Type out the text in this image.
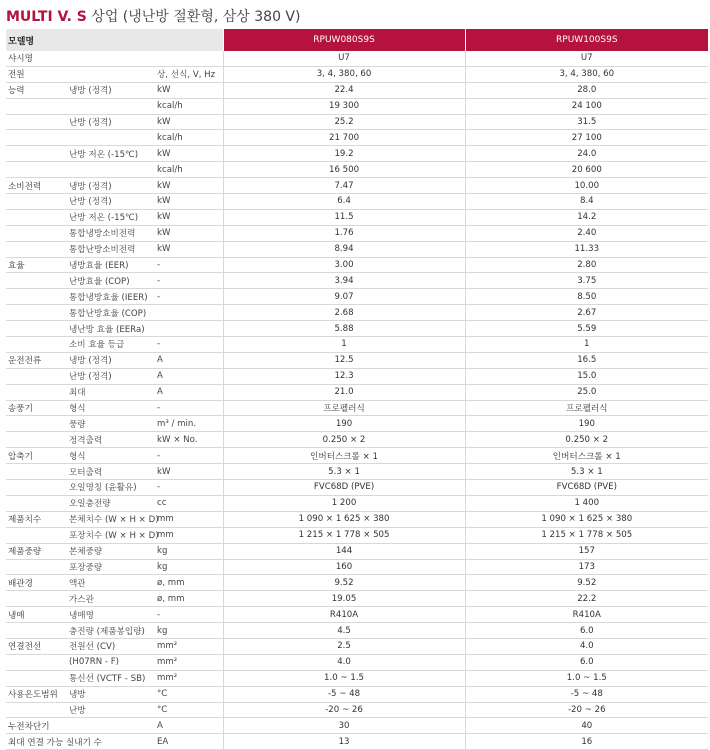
MULTI V. S 상업 (냉난방 절환형, 삼상 380 V)
모델명			RPUW080S9S	RPUW100S9S
샤시명			U7	U7
전원		상, 선식, V, Hz	3, 4, 380, 60	3, 4, 380, 60
능력	냉방 (정격)	kW	22.4	28.0
		kcal/h	19 300	24 100
	난방 (정격)	kW	25.2	31.5
		kcal/h	21 700	27 100
	난방 저온 (-15℃)	kW	19.2	24.0
		kcal/h	16 500	20 600
소비전력	냉방 (정격)	kW	7.47	10.00
	난방 (정격)	kW	6.4	8.4
	난방 저온 (-15℃)	kW	11.5	14.2
	통합냉방소비전력	kW	1.76	2.40
	통합난방소비전력	kW	8.94	11.33
효율	냉방효율 (EER)	-	3.00	2.80
	난방효율 (COP)	-	3.94	3.75
	통합냉방효율 (IEER)	-	9.07	8.50
	통합난방효율 (COP)		2.68	2.67
	냉난방 효율 (EERa)		5.88	5.59
	소비 효율 등급	-	1	1
운전전류	냉방 (정격)	A	12.5	16.5
	난방 (정격)	A	12.3	15.0
	최대	A	21.0	25.0
송풍기	형식	-	프로펠러식	프로펠러식
	풍량	m³ / min.	190	190
	정격출력	kW × No.	0.250 × 2	0.250 × 2
압축기	형식	-	인버터스크롤 × 1	인버터스크롤 × 1
	모터출력	kW	5.3 × 1	5.3 × 1
	오일명칭 (윤활유)	-	FVC68D (PVE)	FVC68D (PVE)
	오일충전량	cc	1 200	1 400
제품치수	본체치수 (W × H × D)	mm	1 090 × 1 625 × 380	1 090 × 1 625 × 380
	포장치수 (W × H × D)	mm	1 215 × 1 778 × 505	1 215 × 1 778 × 505
제품중량	본체중량	kg	144	157
	포장중량	kg	160	173
배관경	액관	ø, mm	9.52	9.52
	가스관	ø, mm	19.05	22.2
냉매	냉매명	-	R410A	R410A
	충진량 (제품봉입량)	kg	4.5	6.0
연결전선	전원선 (CV)	mm²	2.5	4.0
	(H07RN - F)	mm²	4.0	6.0
	통신선 (VCTF - SB)	mm²	1.0 ~ 1.5	1.0 ~ 1.5
사용온도범위	냉방	°C	-5 ~ 48	-5 ~ 48
	난방	°C	-20 ~ 26	-20 ~ 26
누전차단기		A	30	40
최대 연결 가능 실내기 수		EA	13	16
